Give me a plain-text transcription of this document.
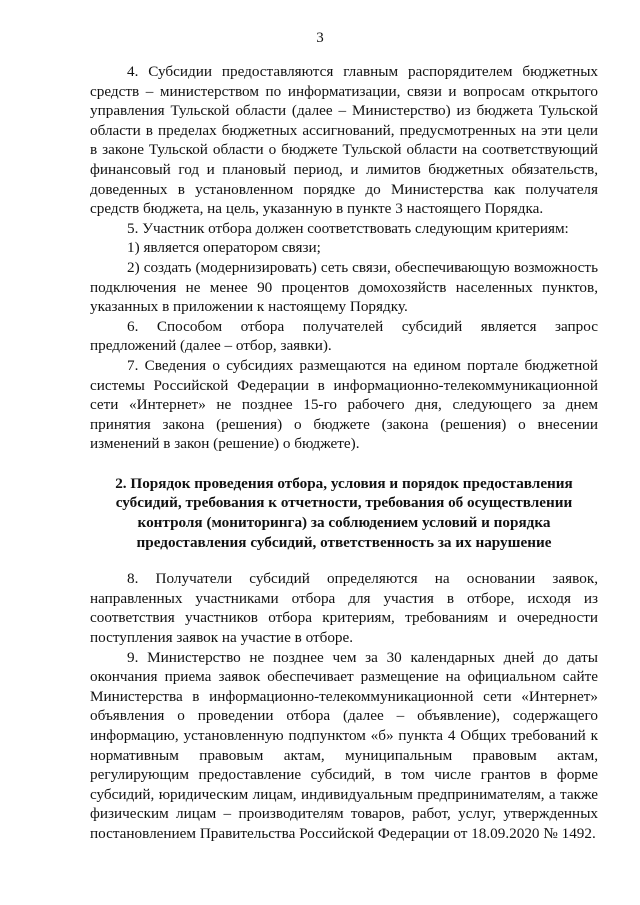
3

4. Субсидии предоставляются главным распорядителем бюджетных средств – министерством по информатизации, связи и вопросам открытого управления Тульской области (далее – Министерство) из бюджета Тульской области в пределах бюджетных ассигнований, предусмотренных на эти цели в законе Тульской области о бюджете Тульской области на соответствующий финансовый год и плановый период, и лимитов бюджетных обязательств, доведенных в установленном порядке до Министерства как получателя средств бюджета, на цель, указанную в пункте 3 настоящего Порядка.

5. Участник отбора должен соответствовать следующим критериям:

1) является оператором связи;

2) создать (модернизировать) сеть связи, обеспечивающую возможность подключения не менее 90 процентов домохозяйств населенных пунктов, указанных в приложении к настоящему Порядку.

6. Способом отбора получателей субсидий является запрос предложений (далее – отбор, заявки).

7. Сведения о субсидиях размещаются на едином портале бюджетной системы Российской Федерации в информационно-телекоммуникационной сети «Интернет» не позднее 15-го рабочего дня, следующего за днем принятия закона (решения) о бюджете (закона (решения) о внесении изменений в закон (решение) о бюджете).

2. Порядок проведения отбора, условия и порядок предоставления субсидий, требования к отчетности, требования об осуществлении контроля (мониторинга) за соблюдением условий и порядка предоставления субсидий, ответственность за их нарушение

8. Получатели субсидий определяются на основании заявок, направленных участниками отбора для участия в отборе, исходя из соответствия участников отбора критериям, требованиям и очередности поступления заявок на участие в отборе.

9. Министерство не позднее чем за 30 календарных дней до даты окончания приема заявок обеспечивает размещение на официальном сайте Министерства в информационно-телекоммуникационной сети «Интернет» объявления о проведении отбора (далее – объявление), содержащего информацию, установленную подпунктом «б» пункта 4 Общих требований к нормативным правовым актам, муниципальным правовым актам, регулирующим предоставление субсидий, в том числе грантов в форме субсидий, юридическим лицам, индивидуальным предпринимателям, а также физическим лицам – производителям товаров, работ, услуг, утвержденных постановлением Правительства Российской Федерации от 18.09.2020 № 1492.
